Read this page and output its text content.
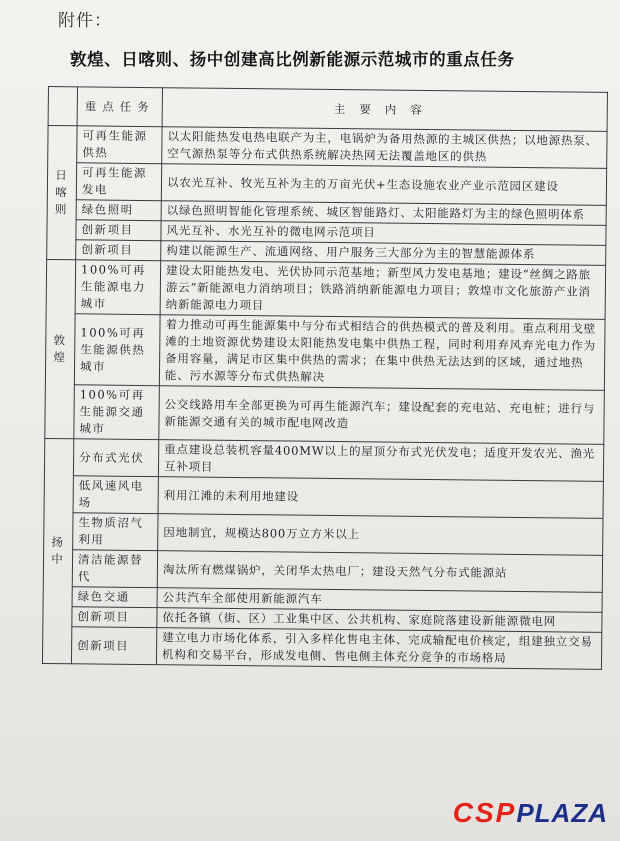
附件：
敦煌、日喀则、扬中创建高比例新能源示范城市的重点任务
	重点任务	主要内容

日喀则	可再生能源供热	以太阳能热发电热电联产为主，电锅炉为备用热源的主城区供热；以地源热泵、空气源热泵等分布式供热系统解决热网无法覆盖地区的供热
	可再生能源发电	以农光互补、牧光互补为主的万亩光伏+生态设施农业产业示范园区建设
	绿色照明	以绿色照明智能化管理系统、城区智能路灯、太阳能路灯为主的绿色照明体系
	创新项目	风光互补、水光互补的微电网示范项目
	创新项目	构建以能源生产、流通网络、用户服务三大部分为主的智慧能源体系

敦煌	100%可再生能源电力城市	建设太阳能热发电、光伏协同示范基地；新型风力发电基地；建设“丝绸之路旅游云”新能源电力消纳项目；铁路消纳新能源电力项目；敦煌市文化旅游产业消纳新能源电力项目
	100%可再生能源供热城市	着力推动可再生能源集中与分布式相结合的供热模式的普及利用。重点利用戈壁滩的土地资源优势建设太阳能热发电集中供热工程，同时利用弃风弃光电力作为备用容量，满足市区集中供热的需求；在集中供热无法达到的区域，通过地热能、污水源等分布式供热解决
	100%可再生能源交通城市	公交线路用车全部更换为可再生能源汽车；建设配套的充电站、充电桩；进行与新能源交通有关的城市配电网改造

扬中	分布式光伏	重点建设总装机容量400MW以上的屋顶分布式光伏发电；适度开发农光、渔光互补项目
	低风速风电场	利用江滩的未利用地建设
	生物质沼气利用	因地制宜，规模达800万立方米以上
	清洁能源替代	淘汰所有燃煤锅炉，关闭华太热电厂；建设天然气分布式能源站
	绿色交通	公共汽车全部使用新能源汽车
	创新项目	依托各镇（街、区）工业集中区、公共机构、家庭院落建设新能源微电网
	创新项目	建立电力市场化体系，引入多样化售电主体、完成输配电价核定，组建独立交易机构和交易平台，形成发电侧、售电侧主体充分竞争的市场格局
CSP PLAZA
